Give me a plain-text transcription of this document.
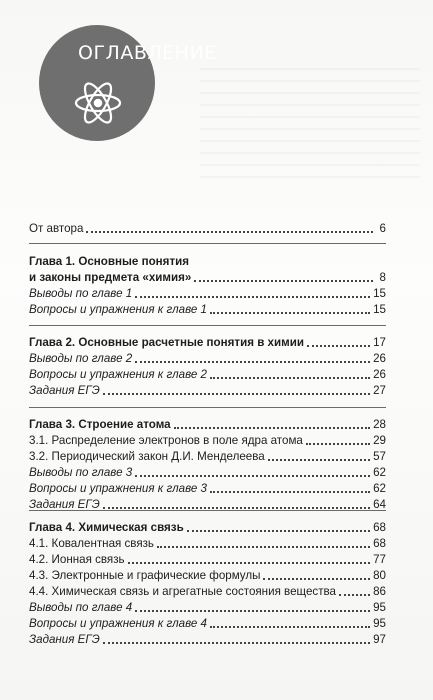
ОГЛАВЛЕНИЕ
От автора	6
Глава 1. Основные понятия
и законы предмета «химия»	8
Выводы по главе 1	15
Вопросы и упражнения к главе 1	15
Глава 2. Основные расчетные понятия в химии	17
Выводы по главе 2	26
Вопросы и упражнения к главе 2	26
Задания ЕГЭ	27
Глава 3. Строение атома	28
3.1. Распределение электронов в поле ядра атома	29
3.2. Периодический закон Д.И. Менделеева	57
Выводы по главе 3	62
Вопросы и упражнения к главе 3	62
Задания ЕГЭ	64
Глава 4. Химическая связь	68
4.1. Ковалентная связь	68
4.2. Ионная связь	77
4.3. Электронные и графические формулы	80
4.4. Химическая связь и агрегатные состояния вещества	86
Выводы по главе 4	95
Вопросы и упражнения к главе 4	95
Задания ЕГЭ	97
